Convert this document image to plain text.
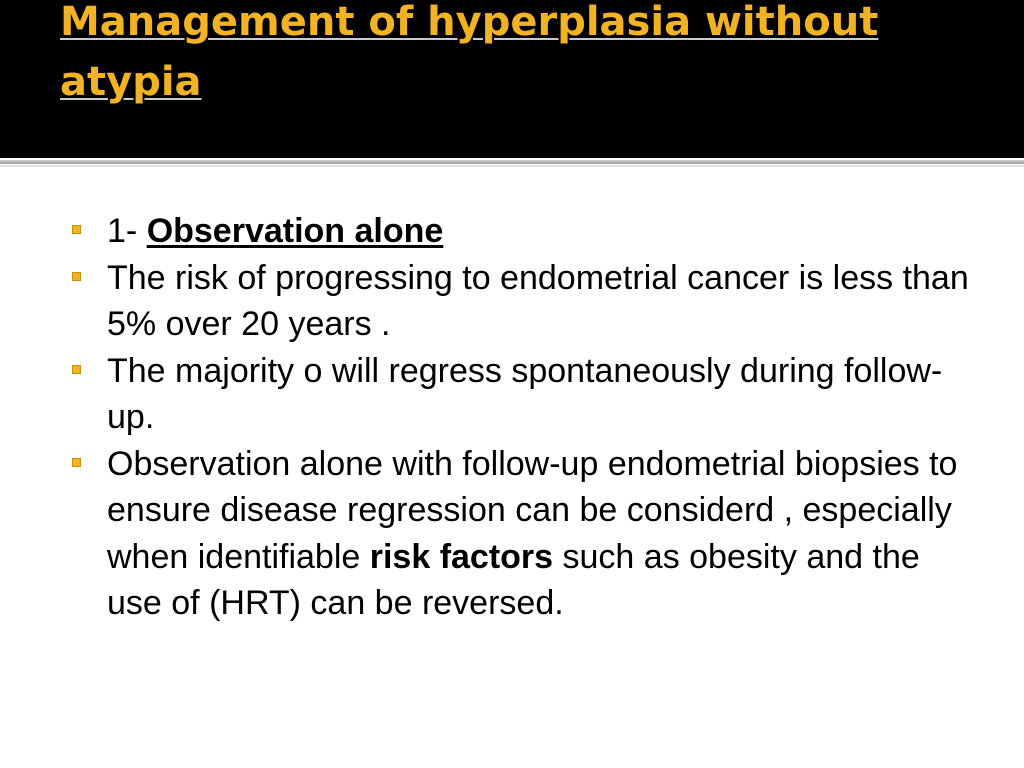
Management of hyperplasia without atypia
1- Observation alone
The risk of progressing to endometrial cancer is less than 5% over 20 years .
The majority o will regress spontaneously during follow-up.
Observation alone with follow-up endometrial biopsies to ensure disease regression can be considerd , especially when identifiable risk factors such as obesity and the use of (HRT) can be reversed.
